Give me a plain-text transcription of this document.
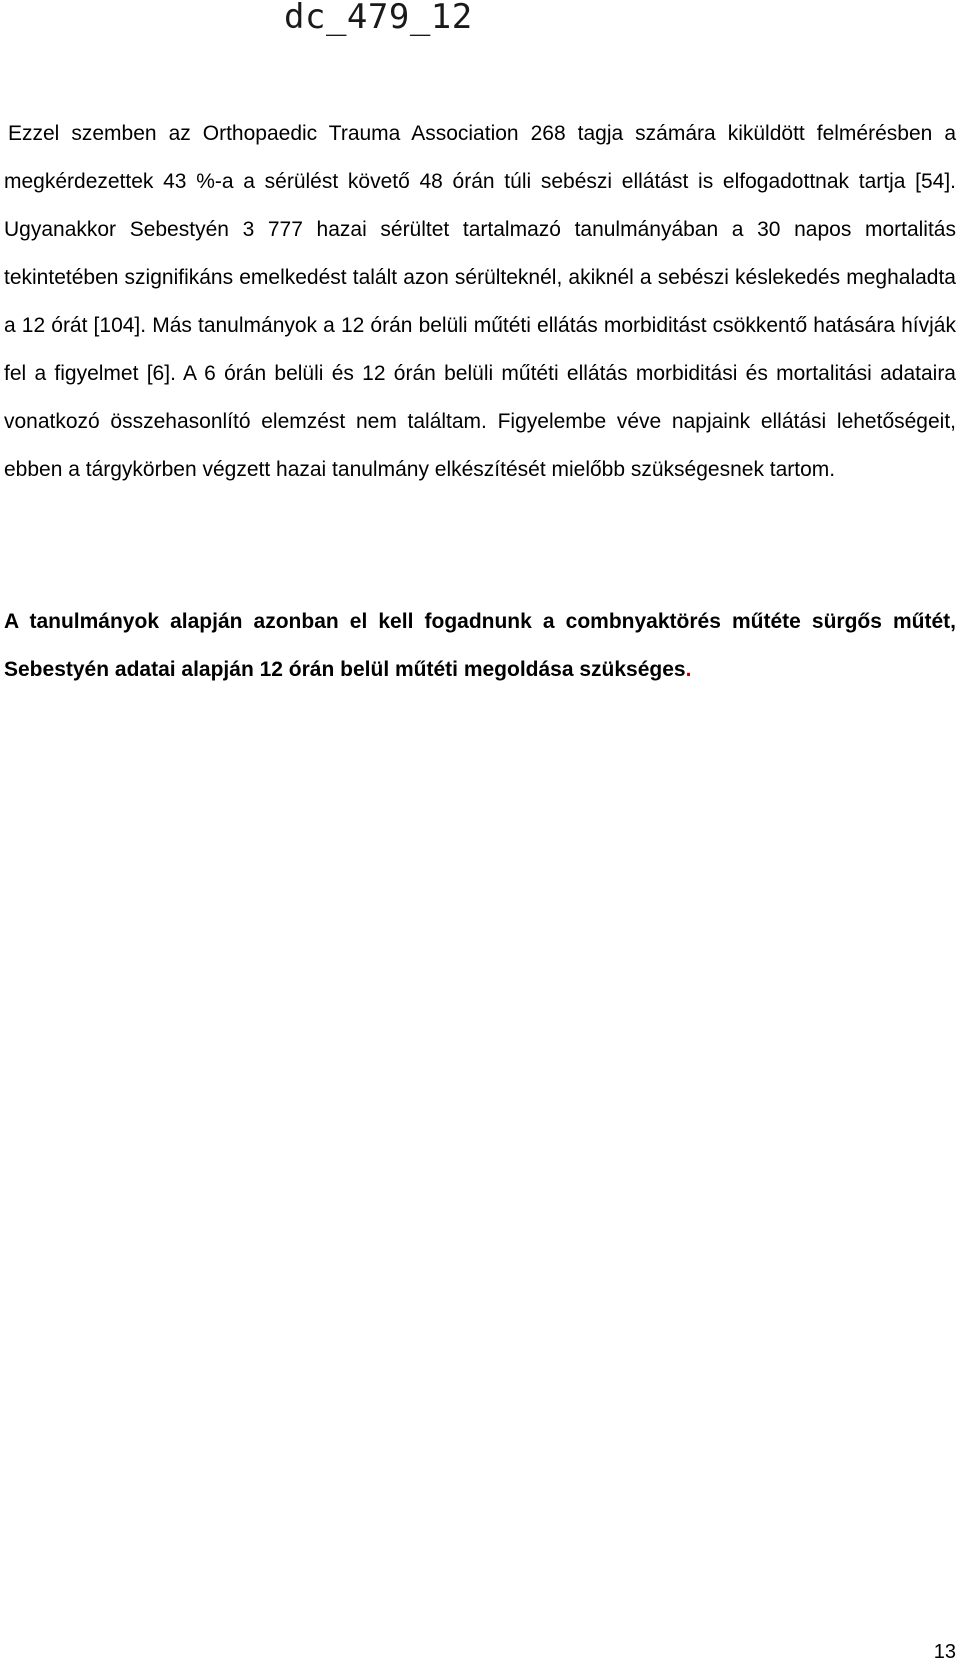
dc_479_12

Ezzel szemben az Orthopaedic Trauma Association 268 tagja számára kiküldött felmérésben a megkérdezettek 43 %-a a sérülést követő 48 órán túli sebészi ellátást is elfogadottnak tartja [54]. Ugyanakkor Sebestyén 3 777 hazai sérültet tartalmazó tanulmányában a 30 napos mortalitás tekintetében szignifikáns emelkedést talált azon sérülteknél, akiknél a sebészi késlekedés meghaladta a 12 órát [104]. Más tanulmányok a 12 órán belüli műtéti ellátás morbiditást csökkentő hatására hívják fel a figyelmet [6]. A 6 órán belüli és 12 órán belüli műtéti ellátás morbiditási és mortalitási adataira vonatkozó összehasonlító elemzést nem találtam. Figyelembe véve napjaink ellátási lehetőségeit, ebben a tárgykörben végzett hazai tanulmány elkészítését mielőbb szükségesnek tartom.

A tanulmányok alapján azonban el kell fogadnunk a combnyaktörés műtéte sürgős műtét, Sebestyén adatai alapján 12 órán belül műtéti megoldása szükséges.

13
